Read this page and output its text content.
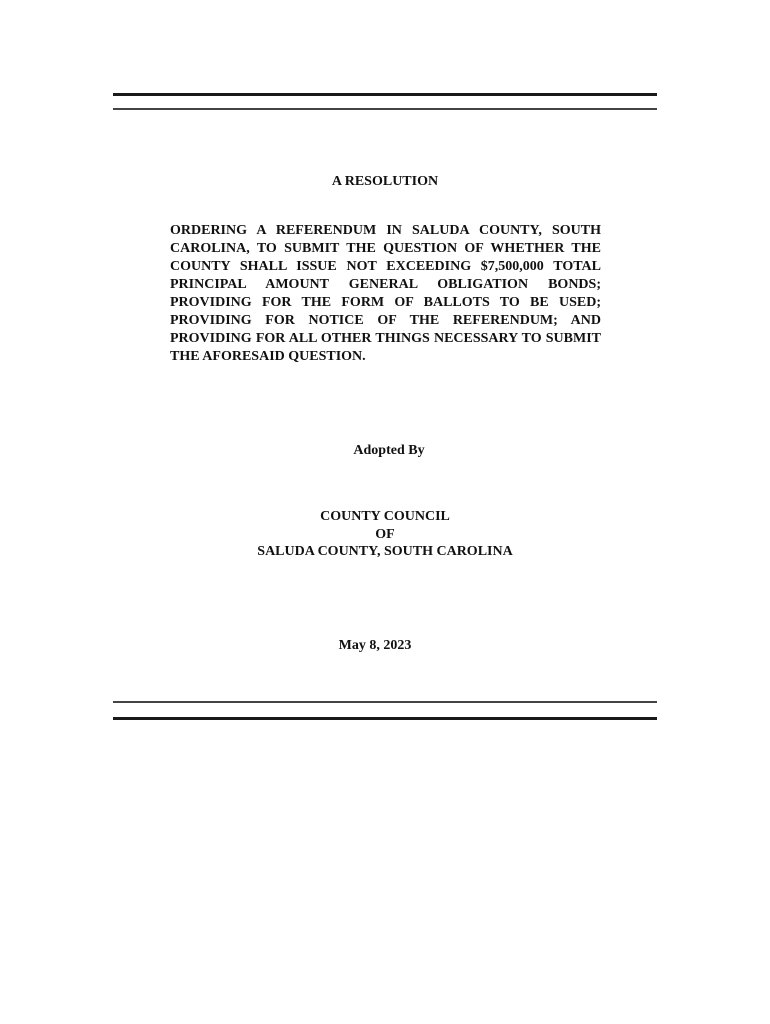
A RESOLUTION

ORDERING A REFERENDUM IN SALUDA COUNTY, SOUTH CAROLINA, TO SUBMIT THE QUESTION OF WHETHER THE COUNTY SHALL ISSUE NOT EXCEEDING $7,500,000 TOTAL PRINCIPAL AMOUNT GENERAL OBLIGATION BONDS; PROVIDING FOR THE FORM OF BALLOTS TO BE USED; PROVIDING FOR NOTICE OF THE REFERENDUM; AND PROVIDING FOR ALL OTHER THINGS NECESSARY TO SUBMIT THE AFORESAID QUESTION.

Adopted By

COUNTY COUNCIL
OF
SALUDA COUNTY, SOUTH CAROLINA

May 8, 2023
